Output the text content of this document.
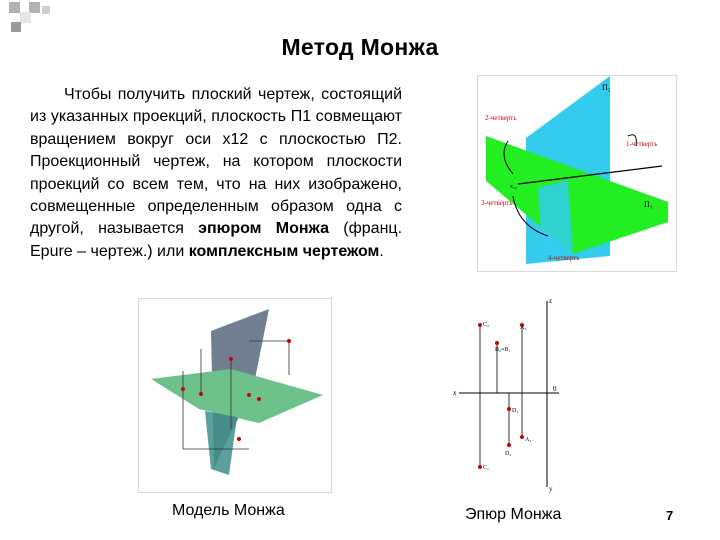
Метод Монжа
Чтобы получить плоский чертеж, состоящий из указанных проекций, плоскость П1 совмещают вращением вокруг оси х12 с плоскостью П2. Проекционный чертеж, на котором плоскости проекций со всем тем, что на них изображено, совмещенные определенным образом одна с другой, называется эпюром Монжа (франц. Epure – чертеж.) или комплексным чертежом.
П₂
П₁
x₁₂
2-четверть
1-четверть
3-четверть
4-четверть
Модель Монжа
z
y
x	0
C₂
C₁
A₂
A₁
B₂≡B₁
D₁
D₂
Эпюр Монжа	7
